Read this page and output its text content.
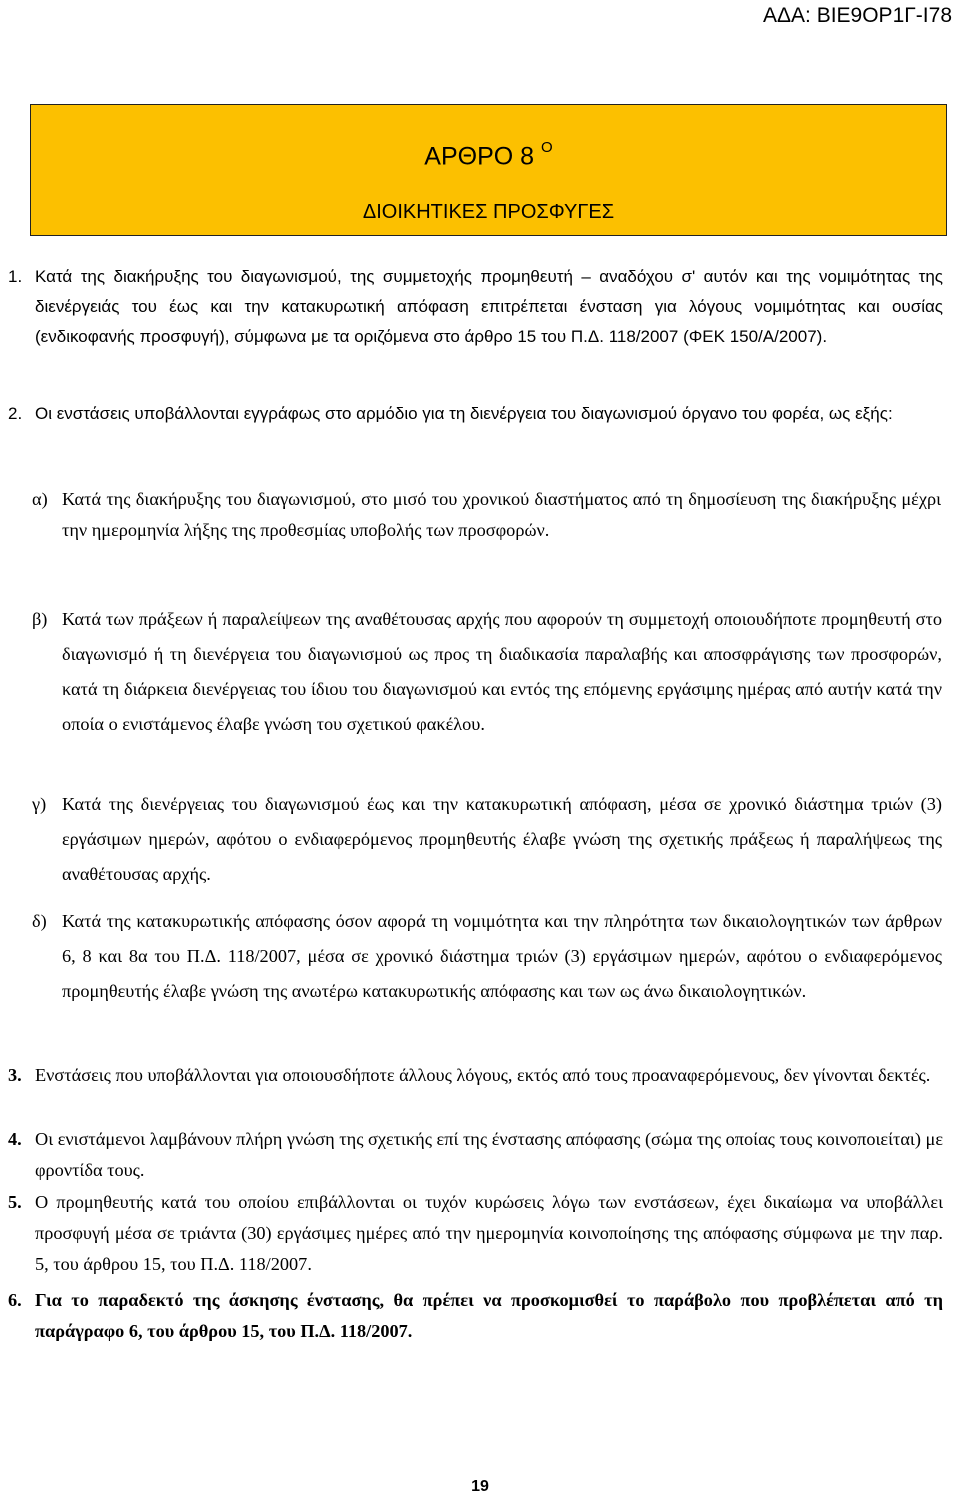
ΑΔΑ: ΒΙΕ9ΟΡ1Γ-Ι78
ΑΡΘΡΟ 8 $^O$
ΔΙΟΙΚΗΤΙΚΕΣ ΠΡΟΣΦΥΓΕΣ
1. Κατά της διακήρυξης του διαγωνισμού, της συμμετοχής προμηθευτή – αναδόχου σ' αυτόν και της νομιμότητας της διενέργειάς του έως και την κατακυρωτική απόφαση επιτρέπεται ένσταση για λόγους νομιμότητας και ουσίας (ενδικοφανής προσφυγή), σύμφωνα με τα οριζόμενα στο άρθρο 15 του Π.Δ. 118/2007 (ΦΕΚ 150/Α/2007).
2. Οι ενστάσεις υποβάλλονται εγγράφως στο αρμόδιο για τη διενέργεια του διαγωνισμού όργανο του φορέα, ως εξής:
α) Κατά της διακήρυξης του διαγωνισμού, στο μισό του χρονικού διαστήματος από τη δημοσίευση της διακήρυξης μέχρι την ημερομηνία λήξης της προθεσμίας υποβολής των προσφορών.
β) Κατά των πράξεων ή παραλείψεων της αναθέτουσας αρχής που αφορούν τη συμμετοχή οποιουδήποτε προμηθευτή στο διαγωνισμό ή τη διενέργεια του διαγωνισμού ως προς τη διαδικασία παραλαβής και αποσφράγισης των προσφορών, κατά τη διάρκεια διενέργειας του ίδιου του διαγωνισμού και εντός της επόμενης εργάσιμης ημέρας από αυτήν κατά την οποία ο ενιστάμενος έλαβε γνώση του σχετικού φακέλου.
γ) Κατά της διενέργειας του διαγωνισμού έως και την κατακυρωτική απόφαση, μέσα σε χρονικό διάστημα τριών (3) εργάσιμων ημερών, αφότου ο ενδιαφερόμενος προμηθευτής έλαβε γνώση της σχετικής πράξεως ή παραλήψεως της αναθέτουσας αρχής.
δ) Κατά της κατακυρωτικής απόφασης όσον αφορά τη νομιμότητα και την πληρότητα των δικαιολογητικών των άρθρων 6, 8 και 8α του Π.Δ. 118/2007, μέσα σε χρονικό διάστημα τριών (3) εργάσιμων ημερών, αφότου ο ενδιαφερόμενος προμηθευτής έλαβε γνώση της ανωτέρω κατακυρωτικής απόφασης και των ως άνω δικαιολογητικών.
3. Ενστάσεις που υποβάλλονται για οποιουσδήποτε άλλους λόγους, εκτός από τους προαναφερόμενους, δεν γίνονται δεκτές.
4. Οι ενιστάμενοι λαμβάνουν πλήρη γνώση της σχετικής επί της ένστασης απόφασης (σώμα της οποίας τους κοινοποιείται) με φροντίδα τους.
5. Ο προμηθευτής κατά του οποίου επιβάλλονται οι τυχόν κυρώσεις λόγω των ενστάσεων, έχει δικαίωμα να υποβάλλει προσφυγή μέσα σε τριάντα (30) εργάσιμες ημέρες από την ημερομηνία κοινοποίησης της απόφασης σύμφωνα με την παρ. 5, του άρθρου 15, του Π.Δ. 118/2007.
6. Για το παραδεκτό της άσκησης ένστασης, θα πρέπει να προσκομισθεί το παράβολο που προβλέπεται από τη παράγραφο 6, του άρθρου 15, του Π.Δ. 118/2007.
19
